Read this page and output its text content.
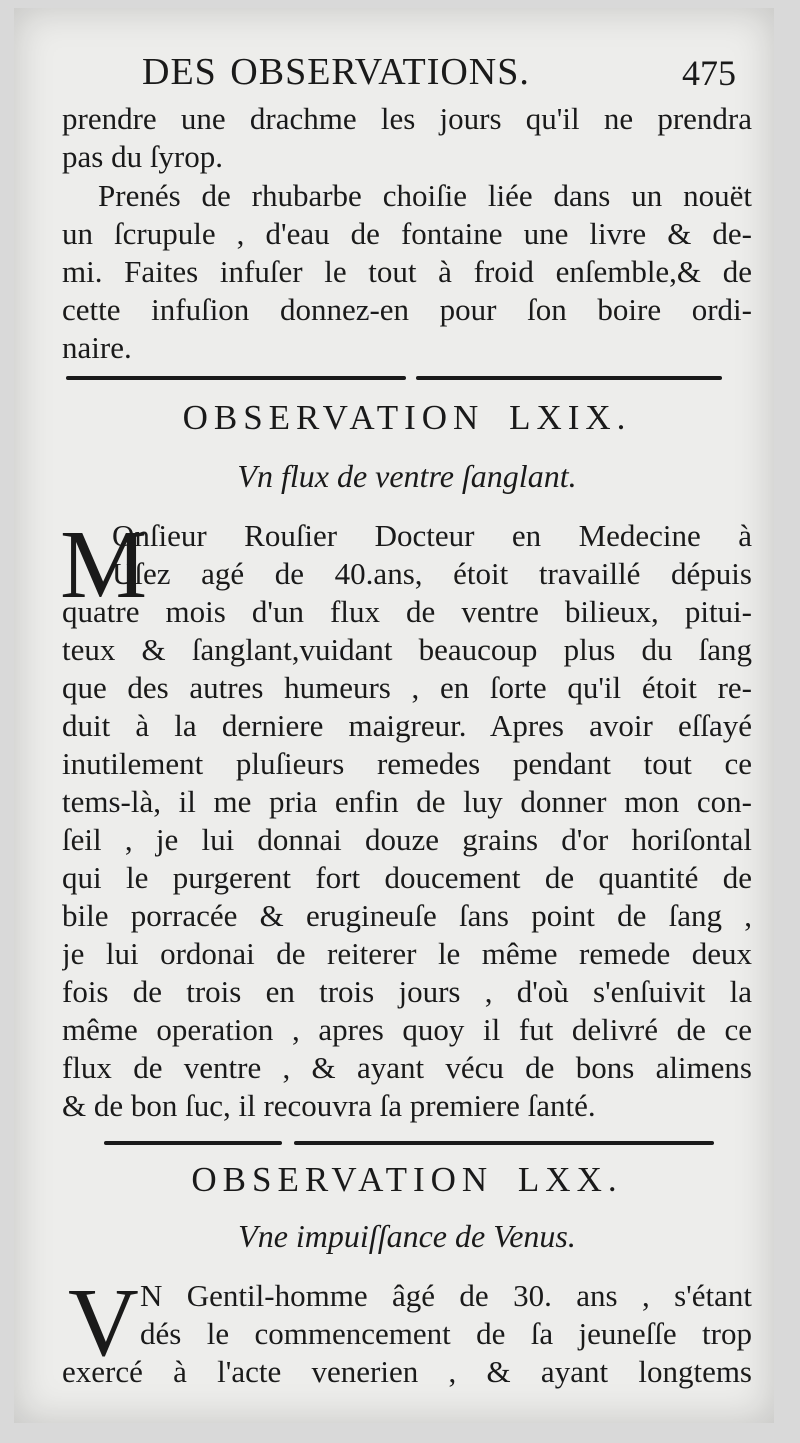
DES OBSERVATIONS.	475
prendre une drachme les jours qu'il ne prendra
pas du ſyrop.
Prenés de rhubarbe choiſie liée dans un nouët
un ſcrupule , d'eau de fontaine une livre & de-
mi. Faites infuſer le tout à froid enſemble,& de
cette infuſion donnez-en pour ſon boire ordi-
naire.
OBSERVATION LXIX.
Vn flux de ventre ſanglant.
M
Onſieur Rouſier Docteur en Medecine à
Uſez agé de 40.ans, étoit travaillé dépuis
quatre mois d'un flux de ventre bilieux, pitui-
teux & ſanglant,vuidant beaucoup plus du ſang
que des autres humeurs , en ſorte qu'il étoit re-
duit à la derniere maigreur. Apres avoir eſſayé
inutilement pluſieurs remedes pendant tout ce
tems-là, il me pria enfin de luy donner mon con-
ſeil , je lui donnai douze grains d'or horiſontal
qui le purgerent fort doucement de quantité de
bile porracée & erugineuſe ſans point de ſang ,
je lui ordonai de reiterer le même remede deux
fois de trois en trois jours , d'où s'enſuivit la
même operation , apres quoy il fut delivré de ce
flux de ventre , & ayant vécu de bons alimens
& de bon ſuc, il recouvra ſa premiere ſanté.
OBSERVATION LXX.
Vne impuiſſance de Venus.
V N Gentil-homme âgé de 30. ans , s'étant
dés le commencement de ſa jeuneſſe trop
exercé à l'acte venerien , & ayant longtems
